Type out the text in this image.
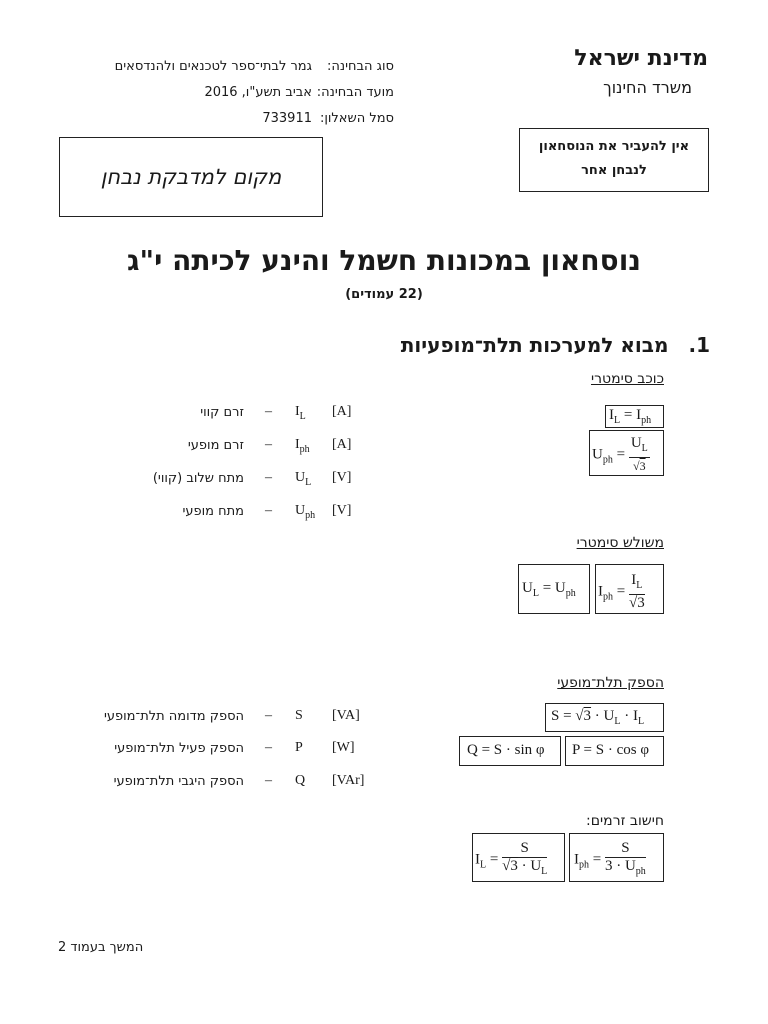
מדינת ישראל
משרד החינוך
אין להעביר את הנוסחאון
לנבחן אחר
סוג הבחינה:
גמר לבתי־ספר לטכנאים ולהנדסאים
מועד הבחינה:
אביב תשע"ו, 2016
סמל השאלון:
733911
מקום למדבקת נבחן
נוסחאון במכונות חשמל והינע לכיתה י"ג
(22 עמודים)
1.
מבוא למערכות תלת־מופעיות
כוכב סימטרי
$I_L = I_{ph}$
$U_{ph} = \frac{U_L}{√3}$
[A]
$I_L$
–
זרם קווי
[A]
$I_{ph}$
–
זרם מופעי
[V]
$U_L$
–
מתח שלוב (קווי)
[V]
$U_{ph}$
–
מתח מופעי
משולש סימטרי
$U_L = U_{ph}$ $I_{ph} = \frac{I_L}{√3}$
הספק תלת־מופעי
$S = √3 \cdot U_L \cdot I_L$
Q = S · sin φ P = S · cos φ
[VA]
S
–
הספק מדומה תלת־מופעי
[W]
P
–
הספק פעיל תלת־מופעי
[VAr]
Q
–
הספק היגבי תלת־מופעי
חישוב זרמים:
$I_L = \frac{S}{√3 \cdot U_L} I_{ph} = \frac{S}{3 \cdot U_{ph}}$
המשך בעמוד 2
